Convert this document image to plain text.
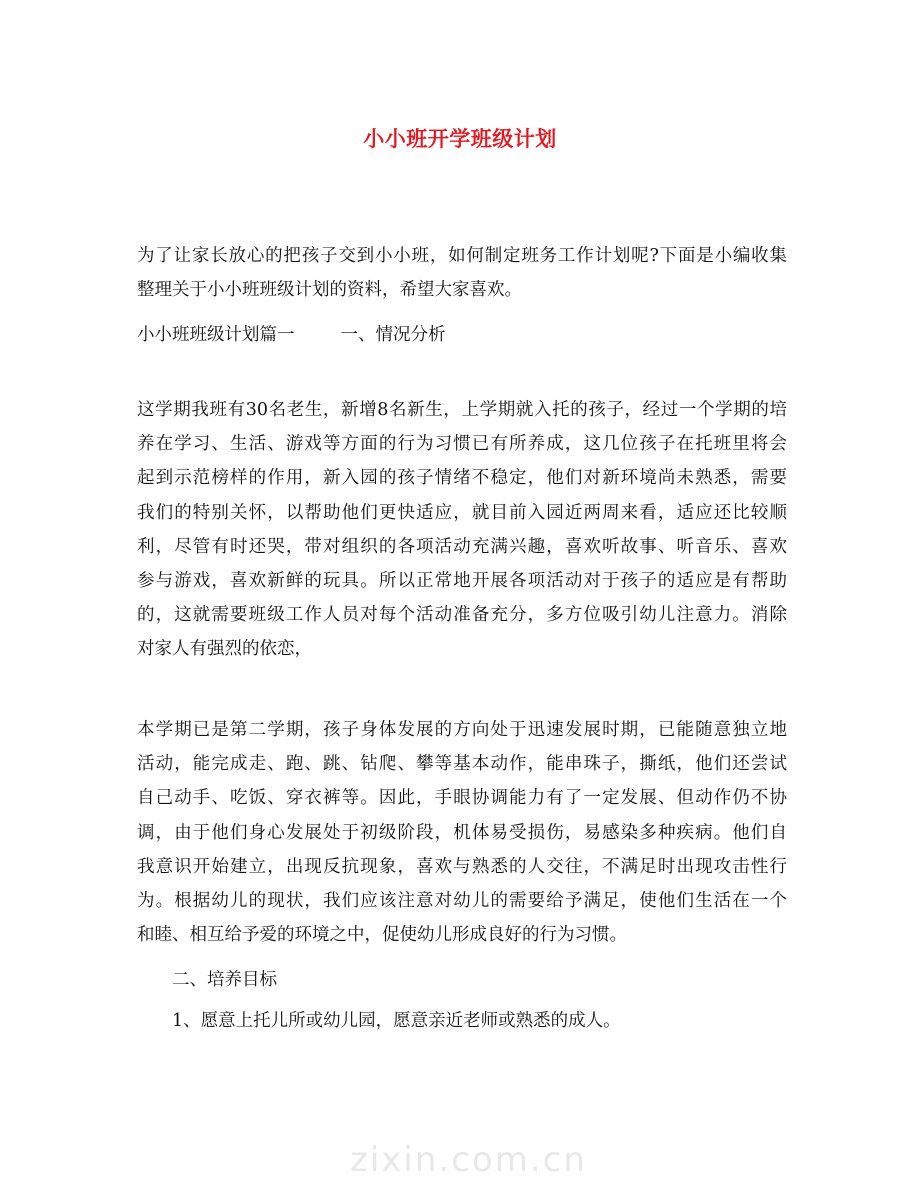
小小班开学班级计划
为了让家长放心的把孩子交到小小班，如何制定班务工作计划呢?下面是小编收集
整理关于小小班班级计划的资料，希望大家喜欢。
小小班班级计划篇一	一、情况分析
这学期我班有30名老生，新增8名新生，上学期就入托的孩子，经过一个学期的培
养在学习、生活、游戏等方面的行为习惯已有所养成，这几位孩子在托班里将会
起到示范榜样的作用，新入园的孩子情绪不稳定，他们对新环境尚未熟悉，需要
我们的特别关怀，以帮助他们更快适应，就目前入园近两周来看，适应还比较顺
利，尽管有时还哭，带对组织的各项活动充满兴趣，喜欢听故事、听音乐、喜欢
参与游戏，喜欢新鲜的玩具。所以正常地开展各项活动对于孩子的适应是有帮助
的，这就需要班级工作人员对每个活动准备充分，多方位吸引幼儿注意力。消除
对家人有强烈的依恋，
本学期已是第二学期，孩子身体发展的方向处于迅速发展时期，已能随意独立地
活动，能完成走、跑、跳、钻爬、攀等基本动作，能串珠子，撕纸，他们还尝试
自己动手、吃饭、穿衣裤等。因此，手眼协调能力有了一定发展、但动作仍不协
调，由于他们身心发展处于初级阶段，机体易受损伤，易感染多种疾病。他们自
我意识开始建立，出现反抗现象，喜欢与熟悉的人交往，不满足时出现攻击性行
为。根据幼儿的现状，我们应该注意对幼儿的需要给予满足，使他们生活在一个
和睦、相互给予爱的环境之中，促使幼儿形成良好的行为习惯。
二、培养目标
1、愿意上托儿所或幼儿园，愿意亲近老师或熟悉的成人。
zixin.com.cn
